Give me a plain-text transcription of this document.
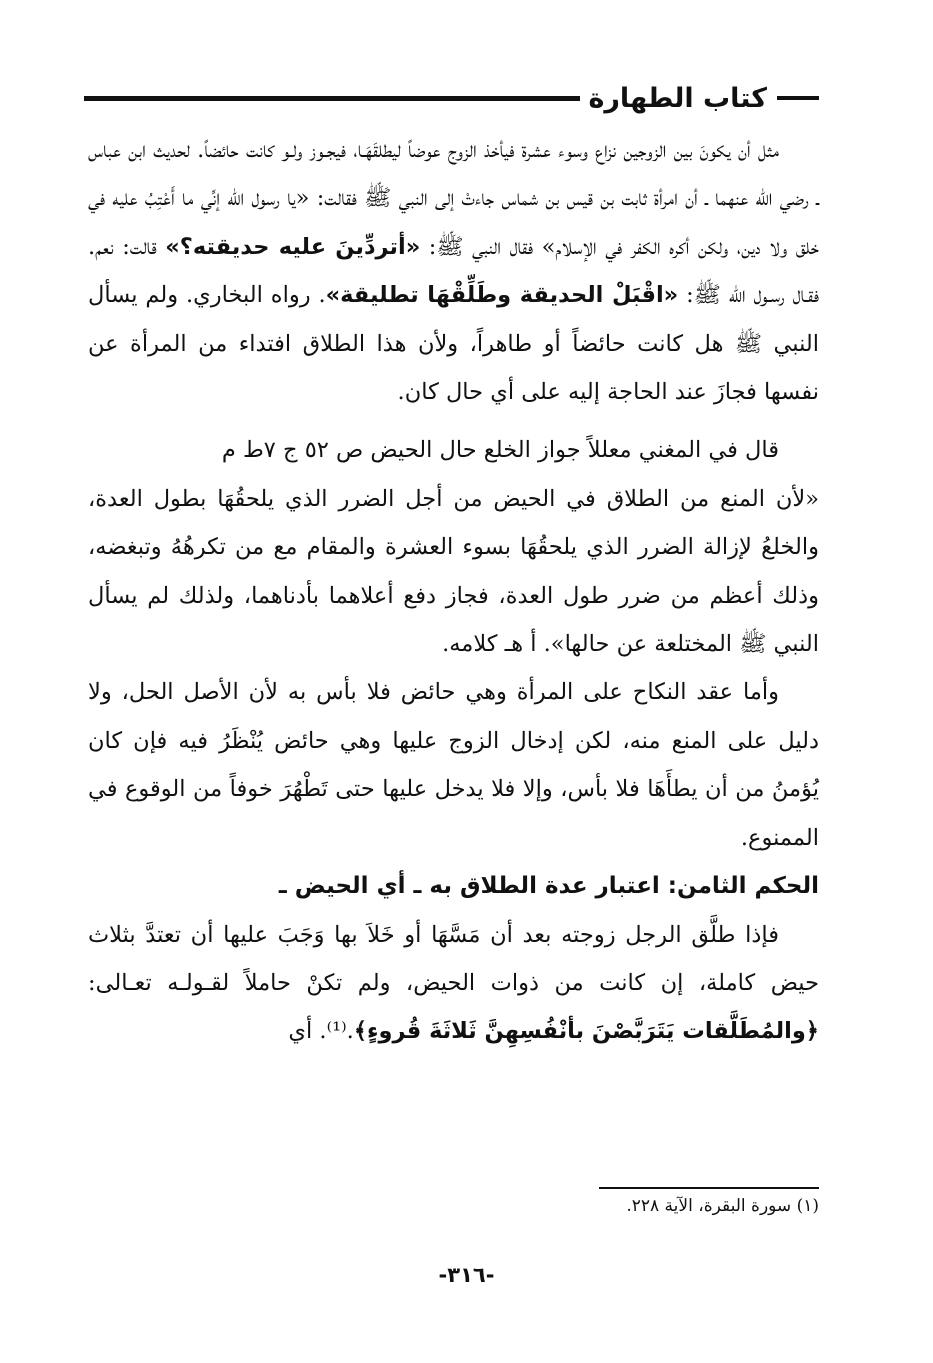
كتاب الطهارة

مثل أن يكونَ بين الزوجين نزاع وسوء عشرة فيأخذ الزوج عوضاً ليطلقَهَـا، فيجـوز ولـو كانت حائضاً. لحديث ابن عباس ـ رضي الله عنهما ـ أن امرأة ثابت بن قيس بن شماس جاءتْ إلى النبي ﷺ فقالت: «يا رسول الله إنِّي ما أَعْتِبُ عليه في خلق ولا دين، ولكن أكره الكفر في الإسلام» فقال النبي ﷺ: «أتردِّينَ عليه حديقته؟» قالت: نعم. فقـال رسـول الله ﷺ: «اقْبَلْ الحديقة وطَلِّقْهَا تطليقة». رواه البخاري. ولم يسأل النبي ﷺ هل كانت حائضاً أو طاهراً، ولأن هذا الطلاق افتداء من المرأة عن نفسها فجازَ عند الحاجة إليه على أي حال كان.

قال في المغني معللاً جواز الخلع حال الحيض ص ٥٢ ج ٧ط م

«لأن المنع من الطلاق في الحيض من أجل الضرر الذي يلحقُهَا بطول العدة، والخلعُ لإزالة الضرر الذي يلحقُهَا بسوء العشرة والمقام مع من تكرهُهُ وتبغضه، وذلك أعظم من ضرر طول العدة، فجاز دفع أعلاهما بأدناهما، ولذلك لم يسأل النبي ﷺ المختلعة عن حالها». أ هـ كلامه.

وأما عقد النكاح على المرأة وهي حائض فلا بأس به لأن الأصل الحل، ولا دليل على المنع منه، لكن إدخال الزوج عليها وهي حائض يُنْظَرُ فيه فإن كان يُؤمنُ من أن يطأَهَا فلا بأس، وإلا فلا يدخل عليها حتى تَطْهُرَ خوفاً من الوقوع في الممنوع.

الحكم الثامن: اعتبار عدة الطلاق به ـ أي الحيض ـ

فإذا طلَّق الرجل زوجته بعد أن مَسَّهَا أو خَلاَ بها وَجَبَ عليها أن تعتدَّ بثلاث حيض كاملة، إن كانت من ذوات الحيض، ولم تكنْ حاملاً لقـولـه تعـالى: ﴿والمُطَلَّقات يَتَرَبَّصْنَ بأنْفُسِهِنَّ ثَلاثَةَ قُروءٍ﴾.⁽¹⁾. أي

(١) سورة البقرة، الآية ٢٢٨.
-٣١٦-
